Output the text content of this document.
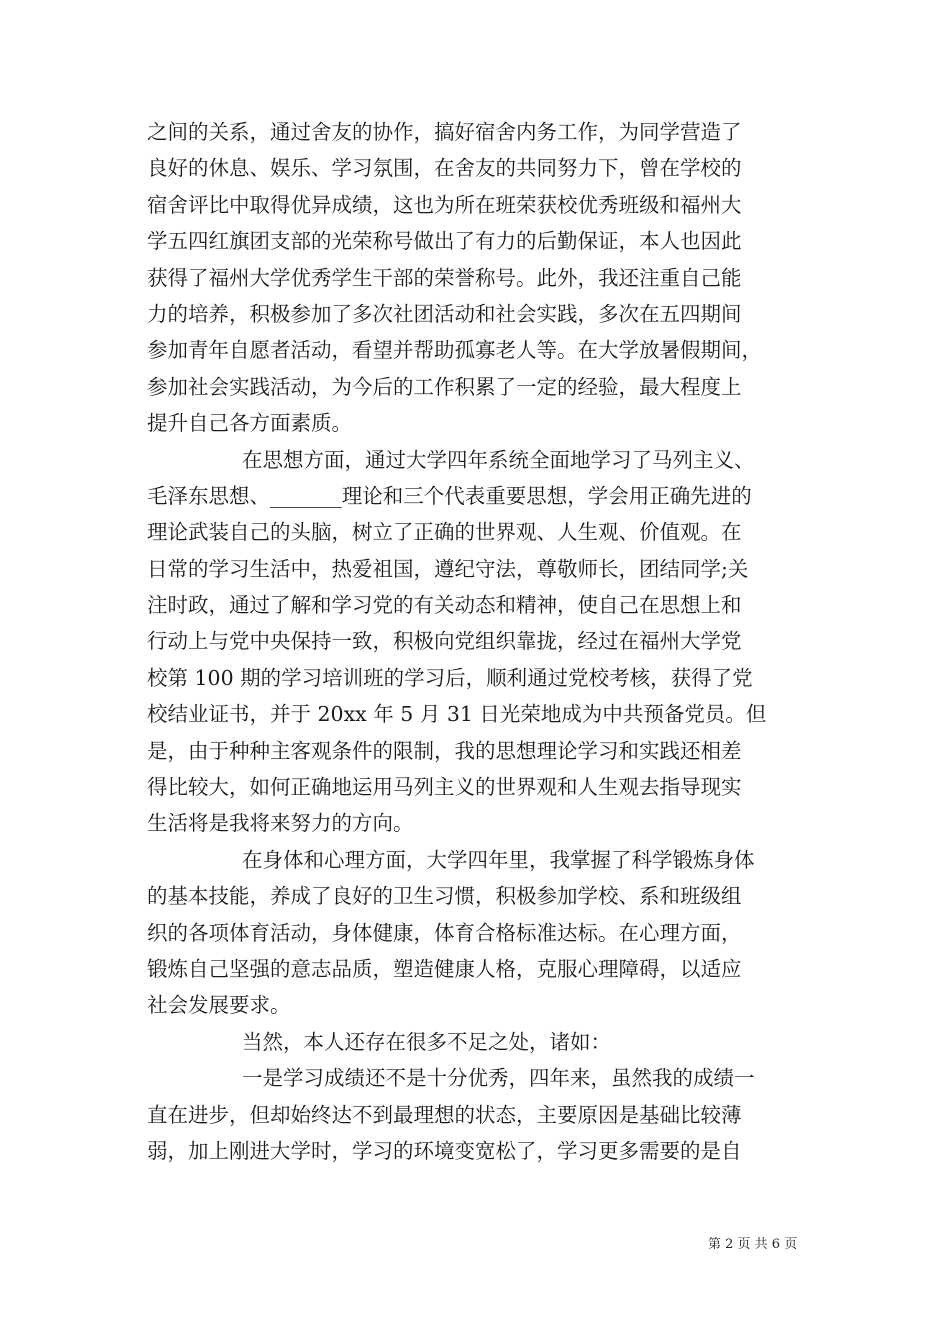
之间的关系，通过舍友的协作，搞好宿舍内务工作，为同学营造了
良好的休息、娱乐、学习氛围，在舍友的共同努力下，曾在学校的
宿舍评比中取得优异成绩，这也为所在班荣获校优秀班级和福州大
学五四红旗团支部的光荣称号做出了有力的后勤保证，本人也因此
获得了福州大学优秀学生干部的荣誉称号。此外，我还注重自己能
力的培养，积极参加了多次社团活动和社会实践，多次在五四期间
参加青年自愿者活动，看望并帮助孤寡老人等。在大学放暑假期间，
参加社会实践活动，为今后的工作积累了一定的经验，最大程度上
提升自己各方面素质。
在思想方面，通过大学四年系统全面地学习了马列主义、
毛泽东思想、_______理论和三个代表重要思想，学会用正确先进的
理论武装自己的头脑，树立了正确的世界观、人生观、价值观。在
日常的学习生活中，热爱祖国，遵纪守法，尊敬师长，团结同学;关
注时政，通过了解和学习党的有关动态和精神，使自己在思想上和
行动上与党中央保持一致，积极向党组织靠拢，经过在福州大学党
校第 100 期的学习培训班的学习后，顺利通过党校考核，获得了党
校结业证书，并于 20xx 年 5 月 31 日光荣地成为中共预备党员。但
是，由于种种主客观条件的限制，我的思想理论学习和实践还相差
得比较大，如何正确地运用马列主义的世界观和人生观去指导现实
生活将是我将来努力的方向。
在身体和心理方面，大学四年里，我掌握了科学锻炼身体
的基本技能，养成了良好的卫生习惯，积极参加学校、系和班级组
织的各项体育活动，身体健康，体育合格标准达标。在心理方面，
锻炼自己坚强的意志品质，塑造健康人格，克服心理障碍，以适应
社会发展要求。
当然，本人还存在很多不足之处，诸如：
一是学习成绩还不是十分优秀，四年来，虽然我的成绩一
直在进步，但却始终达不到最理想的状态，主要原因是基础比较薄
弱，加上刚进大学时，学习的环境变宽松了，学习更多需要的是自
第 2 页 共 6 页
